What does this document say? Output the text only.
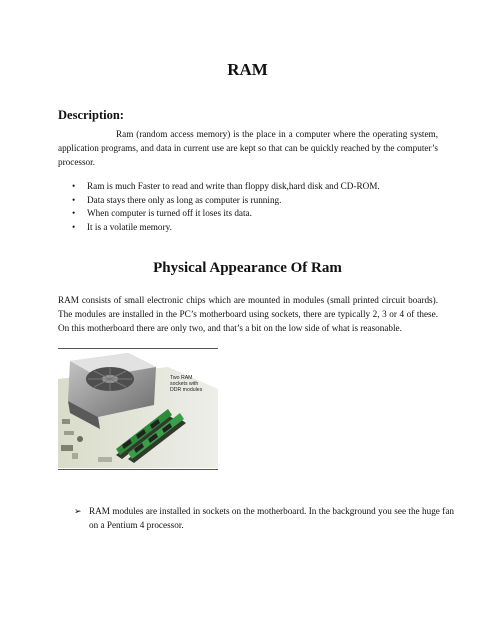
RAM
Description:

Ram (random access memory) is the place in a computer where the operating system, application programs, and data in current use are kept so that can be quickly reached by the computer’s processor.

• Ram is much Faster to read and write than floppy disk,hard disk and CD-ROM.
• Data stays there only as long as computer is running.
• When computer is turned off it loses its data.
• It is a volatile memory.
Physical Appearance Of Ram

RAM consists of small electronic chips which are mounted in modules (small printed circuit boards). The modules are installed in the PC’s motherboard using sockets, there are typically 2, 3 or 4 of these. On this motherboard there are only two, and that’s a bit on the low side of what is reasonable.

Two RAM
sockets with
DDR modules
➢ RAM modules are installed in sockets on the motherboard. In the background you see the huge fan on a Pentium 4 processor.
